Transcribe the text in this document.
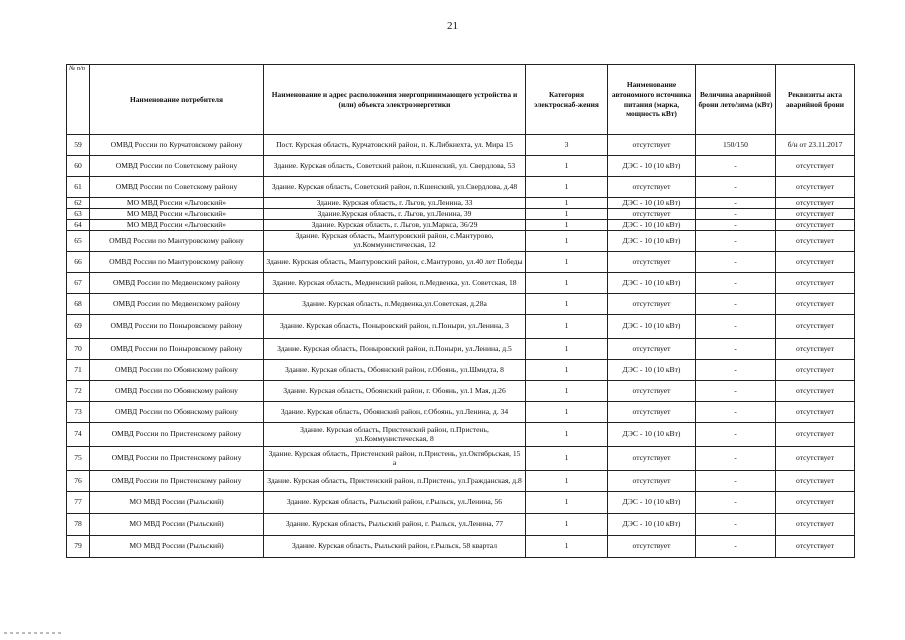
21
№ п/п	Наименование потребителя	Наименование и адрес расположения энергопринимающего устройства и (или) объекта электроэнергетики	Категория электроснаб-жения	Наименование автономного источника питания (марка, мощность кВт)	Величина аварийной брони лето/зима (кВт)	Реквизиты акта аварийной брони
59	ОМВД России по Курчатовскому району	Пост. Курская область, Курчатовский район, п. К.Либкнехта, ул. Мира 15	3	отсутствует	150/150	б/н от 23.11.2017
60	ОМВД России по Советскому району	Здание. Курская область, Советский район, п.Кшенский, ул. Свердлова, 53	1	ДЭС - 10 (10 кВт)	-	отсутствует
61	ОМВД России по Советскому району	Здание. Курская область, Советский район, п.Кшенский, ул.Свердлова, д.48	1	отсутствует	-	отсутствует
62	МО МВД России «Льговский»	Здание. Курская область, г. Льгов, ул.Ленина, 33	1	ДЭС - 10 (10 кВт)	-	отсутствует
63	МО МВД России «Льговский»	Здание.Курская область, г. Льгов, ул.Ленина, 39	1	отсутствует	-	отсутствует
64	МО МВД России «Льговский»	Здание. Курская область, г. Льгов, ул.Маркса, 36/29	1	ДЭС - 10 (10 кВт)	-	отсутствует
65	ОМВД России по Мантуровскому району	Здание. Курская область, Мантуровский район, с.Мантурово, ул.Коммунистическая, 12	1	ДЭС - 10 (10 кВт)	-	отсутствует
66	ОМВД России по Мантуровскому району	Здание. Курская область, Мантуровский район, с.Мантурово, ул.40 лет Победы	1	отсутствует	-	отсутствует
67	ОМВД России по Медвенскому району	Здание. Курская область, Медвенский район, п.Медвенка, ул. Советская, 18	1	ДЭС - 10 (10 кВт)	-	отсутствует
68	ОМВД России по Медвенскому району	Здание. Курская область, п.Медвенка,ул.Советская, д.28а	1	отсутствует	-	отсутствует
69	ОМВД России по Поныровскому району	Здание. Курская область, Поныровский район, п.Поныри, ул.Ленина, 3	1	ДЭС - 10 (10 кВт)	-	отсутствует
70	ОМВД России по Поныровскому району	Здание. Курская область, Поныровский район, п.Поныри, ул.Ленина, д.5	1	отсутствует	-	отсутствует
71	ОМВД России по Обоянскому району	Здание. Курская область, Обоянский район, г.Обоянь, ул.Шмидта, 8	1	ДЭС - 10 (10 кВт)	-	отсутствует
72	ОМВД России по Обоянскому району	Здание. Курская область, Обоянский район, г. Обоянь, ул.1 Мая, д.26	1	отсутствует	-	отсутствует
73	ОМВД России по Обоянскому району	Здание. Курская область, Обоянский район, г.Обоянь, ул.Ленина, д. 34	1	отсутствует	-	отсутствует
74	ОМВД России по Пристенскому району	Здание. Курская область, Пристенский район, п.Пристень, ул.Коммунистическая, 8	1	ДЭС - 10 (10 кВт)	-	отсутствует
75	ОМВД России по Пристенскому району	Здание. Курская область, Пристенский район, п.Пристень, ул.Октябрьская, 15 а	1	отсутствует	-	отсутствует
76	ОМВД России по Пристенскому району	Здание. Курская область, Пристенский район, п.Пристень, ул.Гражданская, д.8	1	отсутствует	-	отсутствует
77	МО МВД России (Рыльский)	Здание. Курская область, Рыльский район, г.Рыльск, ул.Ленина, 56	1	ДЭС - 10 (10 кВт)	-	отсутствует
78	МО МВД России (Рыльский)	Здание. Курская область, Рыльский район, г. Рыльск, ул.Ленина, 77	1	ДЭС - 10 (10 кВт)	-	отсутствует
79	МО МВД России (Рыльский)	Здание. Курская область, Рыльский район, г.Рыльск, 58 квартал	1	отсутствует	-	отсутствует
